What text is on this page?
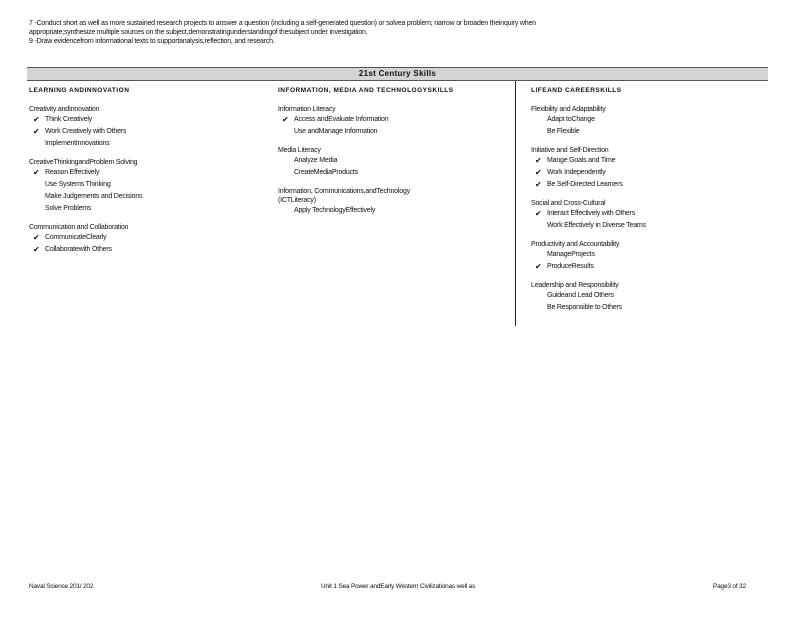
7 -Conduct short as well as more sustained research projects to answer a question (including a self-generated question) or solvea problem; narrow or broaden theinquiry when

appropriate;synthesize multiple sources on the subject,demonstratingunderstandingof thesubject under investigation.

9 -Draw evidencefrom informational texts to supportanalysis,reflection, and research.

21st Century Skills
LEARNING ANDINNOVATION
Creativity andInnovation
✔ Think Creatively
✔ Work Creatively with Others
ImplementInnovations
CreativeThinkingandProblem Solving
✔ Reason Effectively
Use Systems Thinking
Make Judgements and Decisions
Solve Problems
Communication and Collaboration
✔ CommunicateClearly
✔ Collaboratewith Others
INFORMATION, MEDIA AND TECHNOLOGYSKILLS
Information Literacy
✔ Access andEvaluate Information
Use andManage Information
Media Literacy
Analyze Media
CreateMediaProducts
Information, Communications,andTechnology
(ICTLiteracy)
Apply TechnologyEffectively
LIFEAND CAREERSKILLS
Flexibility and Adaptability
Adapt toChange
Be Flexible
Initiative and Self-Direction
✔ Mange Goals and Time
✔ Work Independently
✔ Be Self-Directed Learners
Social and Cross-Cultural
✔ Interact Effectively with Others
Work Effectively in Diverse Teams
Productivity and Accountability
ManageProjects
✔ ProduceResults
Leadership and Responsibility
Guideand Lead Others
Be Responsible to Others
Naval Science 201/ 202	Unit 1 Sea Power andEarly Western Civilizationas well as	Page3 of 32
